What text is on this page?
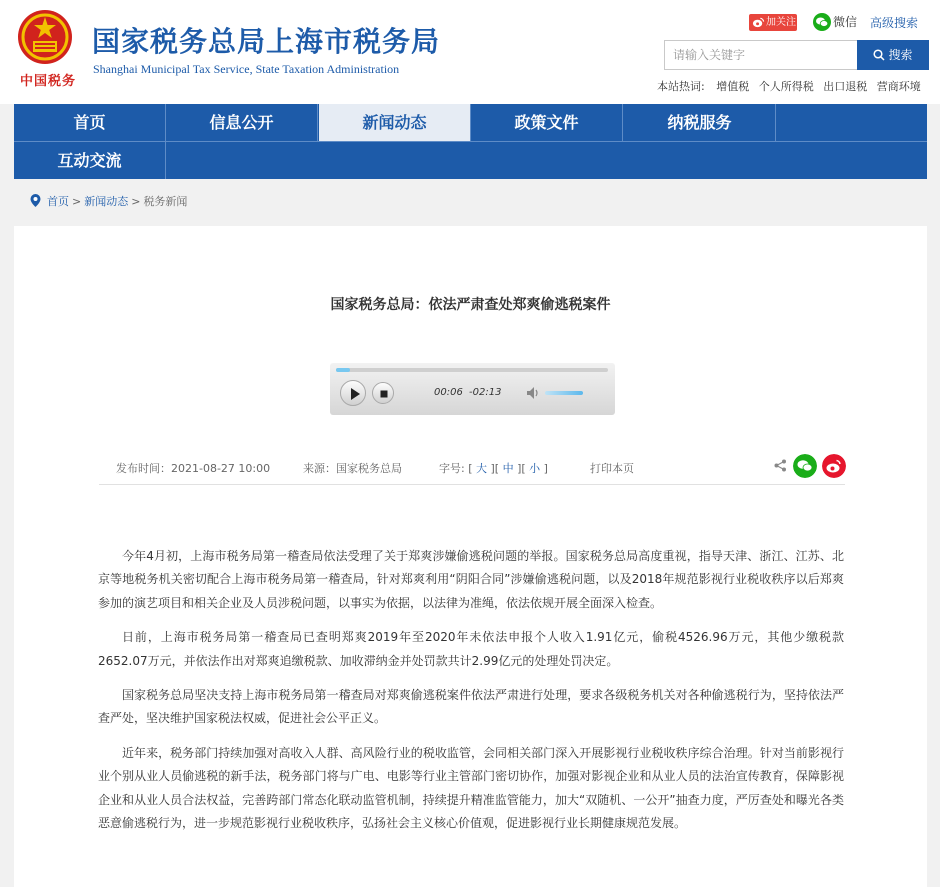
中国税务
国家税务总局上海市税务局
Shanghai Municipal Tax Service, State Taxation Administration
加关注	微信 高级搜索
请输入关键字	搜索
本站热词: 增值税 个人所得税 出口退税 营商环境
首页	信息公开	新闻动态	政策文件	纳税服务
互动交流
首页 > 新闻动态 > 税务新闻
国家税务总局：依法严肃查处郑爽偷逃税案件
00:06 -02:13
发布时间：2021-08-27 10:00	来源：国家税务总局	字号: [ 大 ][ 中 ][ 小 ]	打印本页

今年4月初，上海市税务局第一稽查局依法受理了关于郑爽涉嫌偷逃税问题的举报。国家税务总局高度重视，指导天津、浙江、江苏、北京等地税务机关密切配合上海市税务局第一稽查局，针对郑爽利用“阴阳合同”涉嫌偷逃税问题，以及2018年规范影视行业税收秩序以后郑爽参加的演艺项目和相关企业及人员涉税问题，以事实为依据，以法律为准绳，依法依规开展全面深入检查。

日前，上海市税务局第一稽查局已查明郑爽2019年至2020年未依法申报个人收入1.91亿元，偷税4526.96万元，其他少缴税款2652.07万元，并依法作出对郑爽追缴税款、加收滞纳金并处罚款共计2.99亿元的处理处罚决定。

国家税务总局坚决支持上海市税务局第一稽查局对郑爽偷逃税案件依法严肃进行处理，要求各级税务机关对各种偷逃税行为，坚持依法严查严处，坚决维护国家税法权威，促进社会公平正义。

近年来，税务部门持续加强对高收入人群、高风险行业的税收监管，会同相关部门深入开展影视行业税收秩序综合治理。针对当前影视行业个别从业人员偷逃税的新手法，税务部门将与广电、电影等行业主管部门密切协作，加强对影视企业和从业人员的法治宣传教育，保障影视企业和从业人员合法权益，完善跨部门常态化联动监管机制，持续提升精准监管能力，加大“双随机、一公开”抽查力度，严厉查处和曝光各类恶意偷逃税行为，进一步规范影视行业税收秩序，弘扬社会主义核心价值观，促进影视行业长期健康规范发展。
